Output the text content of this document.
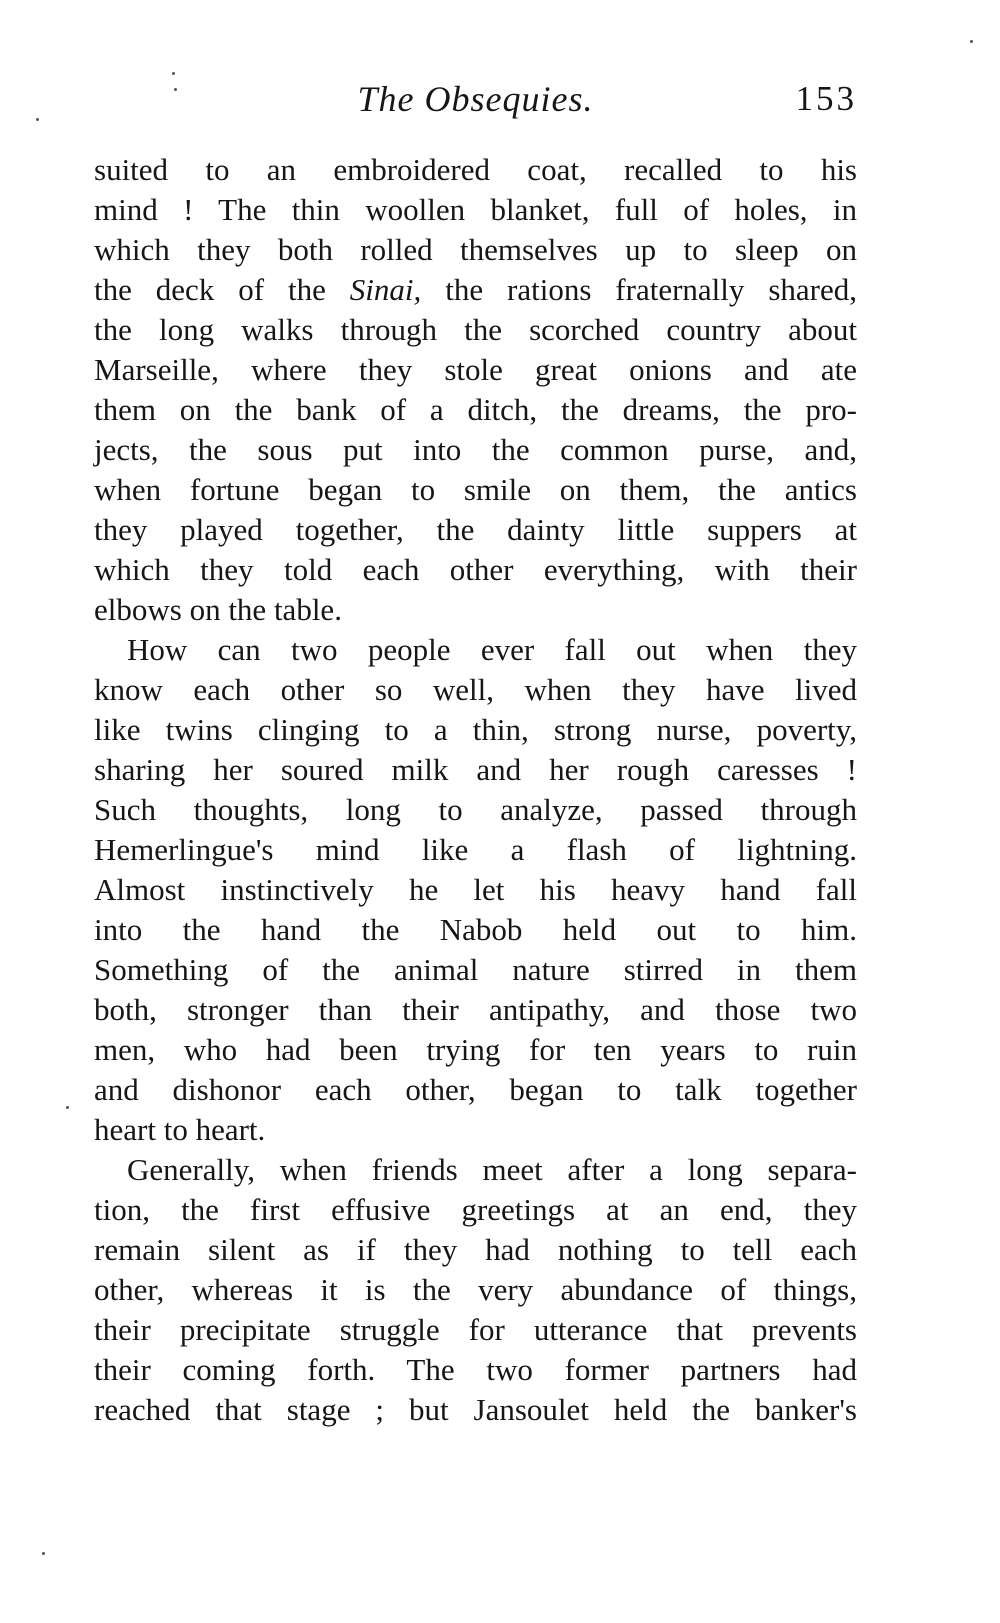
The Obsequies.	153
suited to an embroidered coat, recalled to his
mind ! The thin woollen blanket, full of holes, in
which they both rolled themselves up to sleep on
the deck of the Sinai, the rations fraternally shared,
the long walks through the scorched country about
Marseille, where they stole great onions and ate
them on the bank of a ditch, the dreams, the pro-
jects, the sous put into the common purse, and,
when fortune began to smile on them, the antics
they played together, the dainty little suppers at
which they told each other everything, with their
elbows on the table.
How can two people ever fall out when they
know each other so well, when they have lived
like twins clinging to a thin, strong nurse, poverty,
sharing her soured milk and her rough caresses !
Such thoughts, long to analyze, passed through
Hemerlingue's mind like a flash of lightning.
Almost instinctively he let his heavy hand fall
into the hand the Nabob held out to him.
Something of the animal nature stirred in them
both, stronger than their antipathy, and those two
men, who had been trying for ten years to ruin
and dishonor each other, began to talk together
heart to heart.
Generally, when friends meet after a long separa-
tion, the first effusive greetings at an end, they
remain silent as if they had nothing to tell each
other, whereas it is the very abundance of things,
their precipitate struggle for utterance that prevents
their coming forth. The two former partners had
reached that stage ; but Jansoulet held the banker's
